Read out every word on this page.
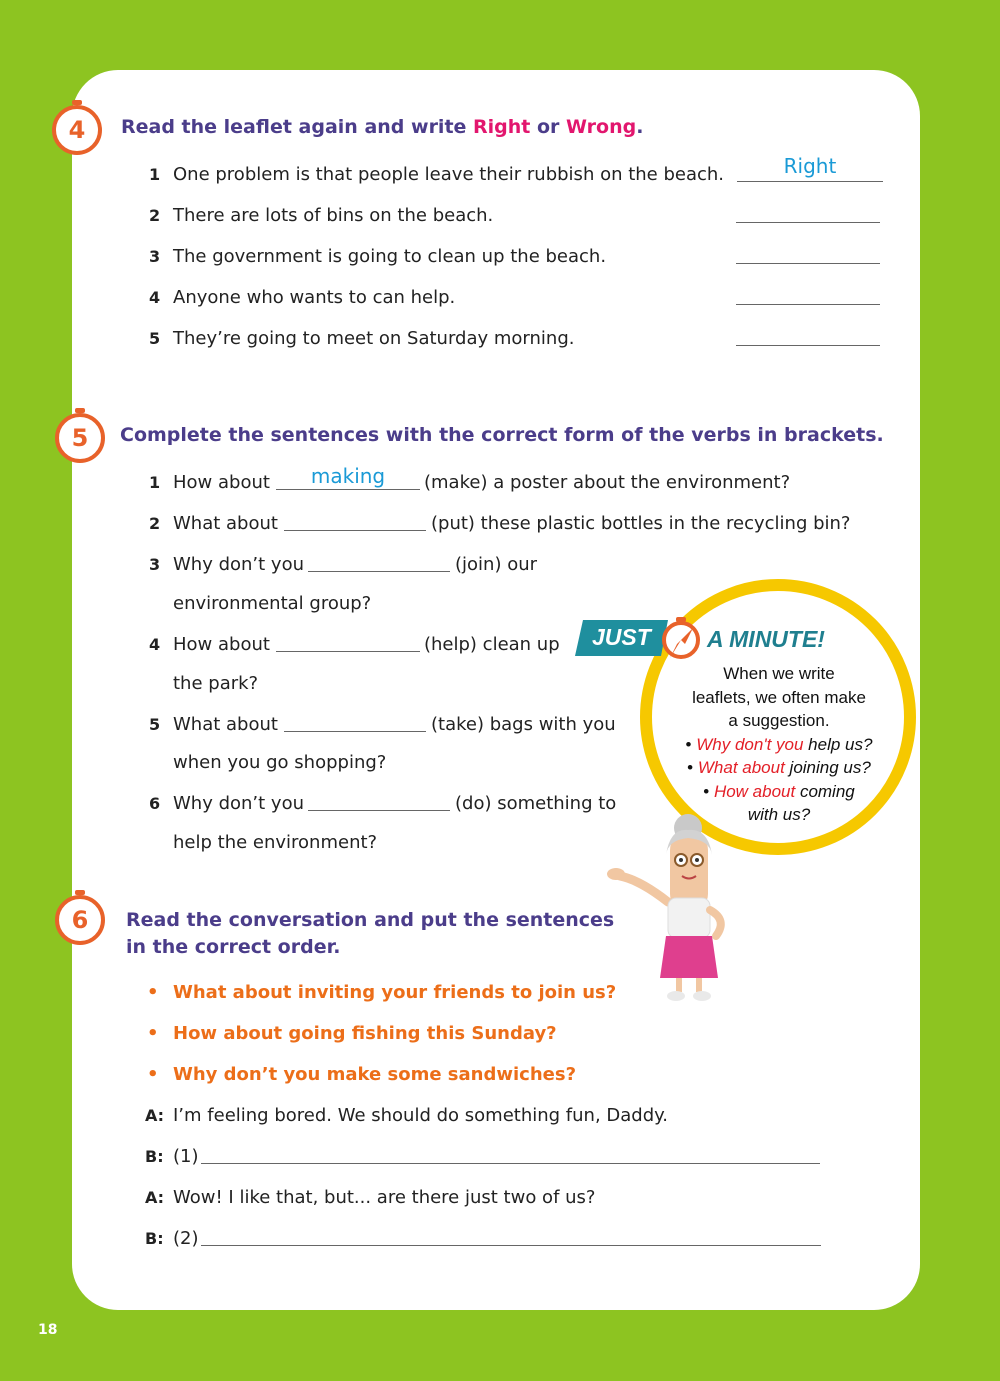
4	Read the leaflet again and write Right or Wrong.
1 One problem is that people leave their rubbish on the beach.	Right
2 There are lots of bins on the beach.
3 The government is going to clean up the beach.
4 Anyone who wants to can help.
5 They’re going to meet on Saturday morning.
5	Complete the sentences with the correct form of the verbs in brackets.
1 How about	making	(make) a poster about the environment?
2 What about	(put) these plastic bottles in the recycling bin?
3 Why don’t you	(join) our
environmental group?
4 How about	(help) clean up
the park?
5 What about	(take) bags with you
when you go shopping?
6 Why don’t you	(do) something to
help the environment?
JUST A MINUTE!
When we write
leaflets, we often make
a suggestion.
• Why don't you help us?
• What about joining us?
• How about coming
with us?
6	Read the conversation and put the sentences
in the correct order.
• What about inviting your friends to join us?
• How about going fishing this Sunday?
• Why don’t you make some sandwiches?
A: I’m feeling bored. We should do something fun, Daddy.
B: (1)
A: Wow! I like that, but... are there just two of us?
B: (2)
18
